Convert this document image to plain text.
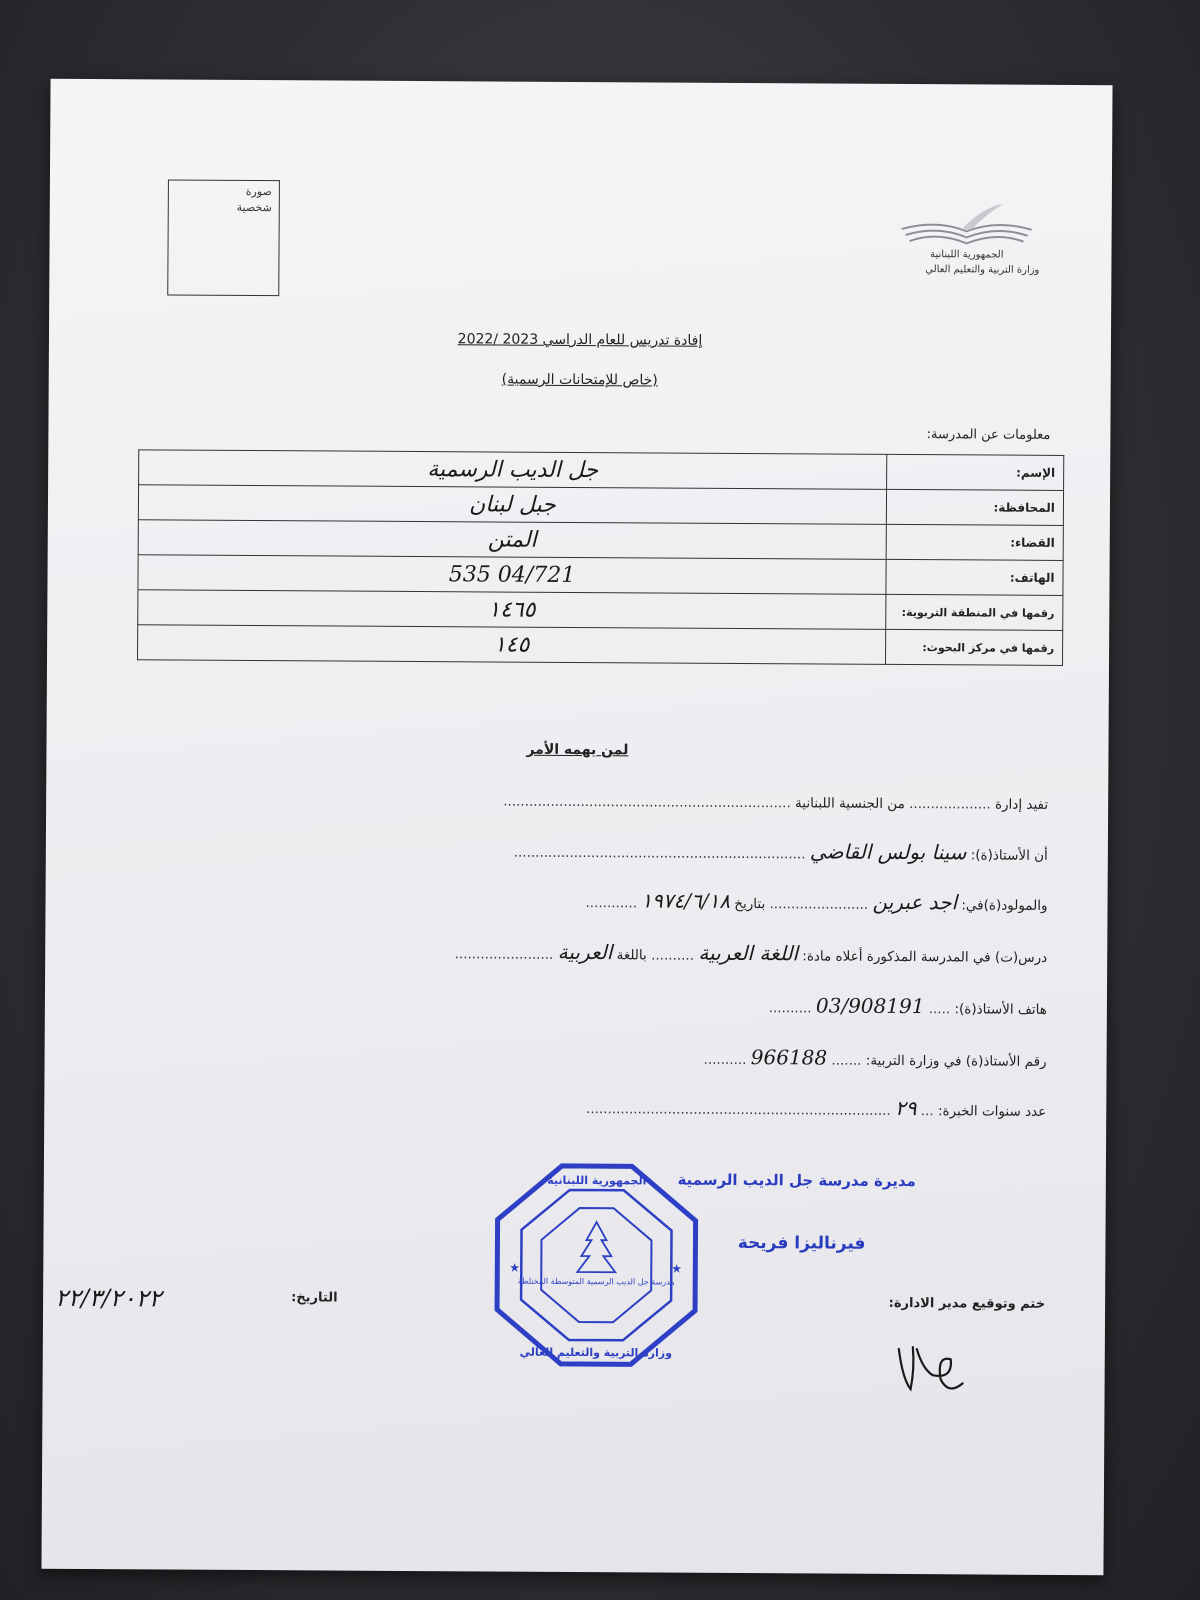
صورة
شخصية
الجمهورية اللبنانية
وزارة التربية والتعليم العالي
إفادة تدريس للعام الدراسي 2023 /2022
(خاص للإمتحانات الرسمية)
معلومات عن المدرسة:
الإسم:	جل الديب الرسمية
المحافظة:	جبل لبنان
القضاء:	المتن
الهاتف:	04/721 535
رقمها في المنطقة التربوية:	١٤٦٥
رقمها في مركز البحوث:	١٤٥
لمن يهمه الأمر
تفيد إدارة ................... من الجنسية اللبنانية ...................................................................
أن الأستاذ(ة): سينا بولس القاضي ....................................................................
والمولود(ة)في: اجد عبرين ....................... بتاريخ ١٩٧٤/٦/١٨ ............
درس(ت) في المدرسة المذكورة أعلاه مادة: اللغة العربية .......... باللغة العربية .......................
هاتف الأستاذ(ة): ..... 03/908191 ..........
رقم الأستاذ(ة) في وزارة التربية: ....... 966188 ..........
عدد سنوات الخبرة: ... ٢٩ .......................................................................
مديرة مدرسة جل الديب الرسمية
فيرناليزا فريحة
مدرسة جل الديب الرسمية المتوسطة المختلطة
الجمهورية اللبنانية
وزارة التربية والتعليم العالي
★	★
٢٢/٣/٢٠٢٢	التاريخ:	ختم وتوقيع مدير الادارة:
